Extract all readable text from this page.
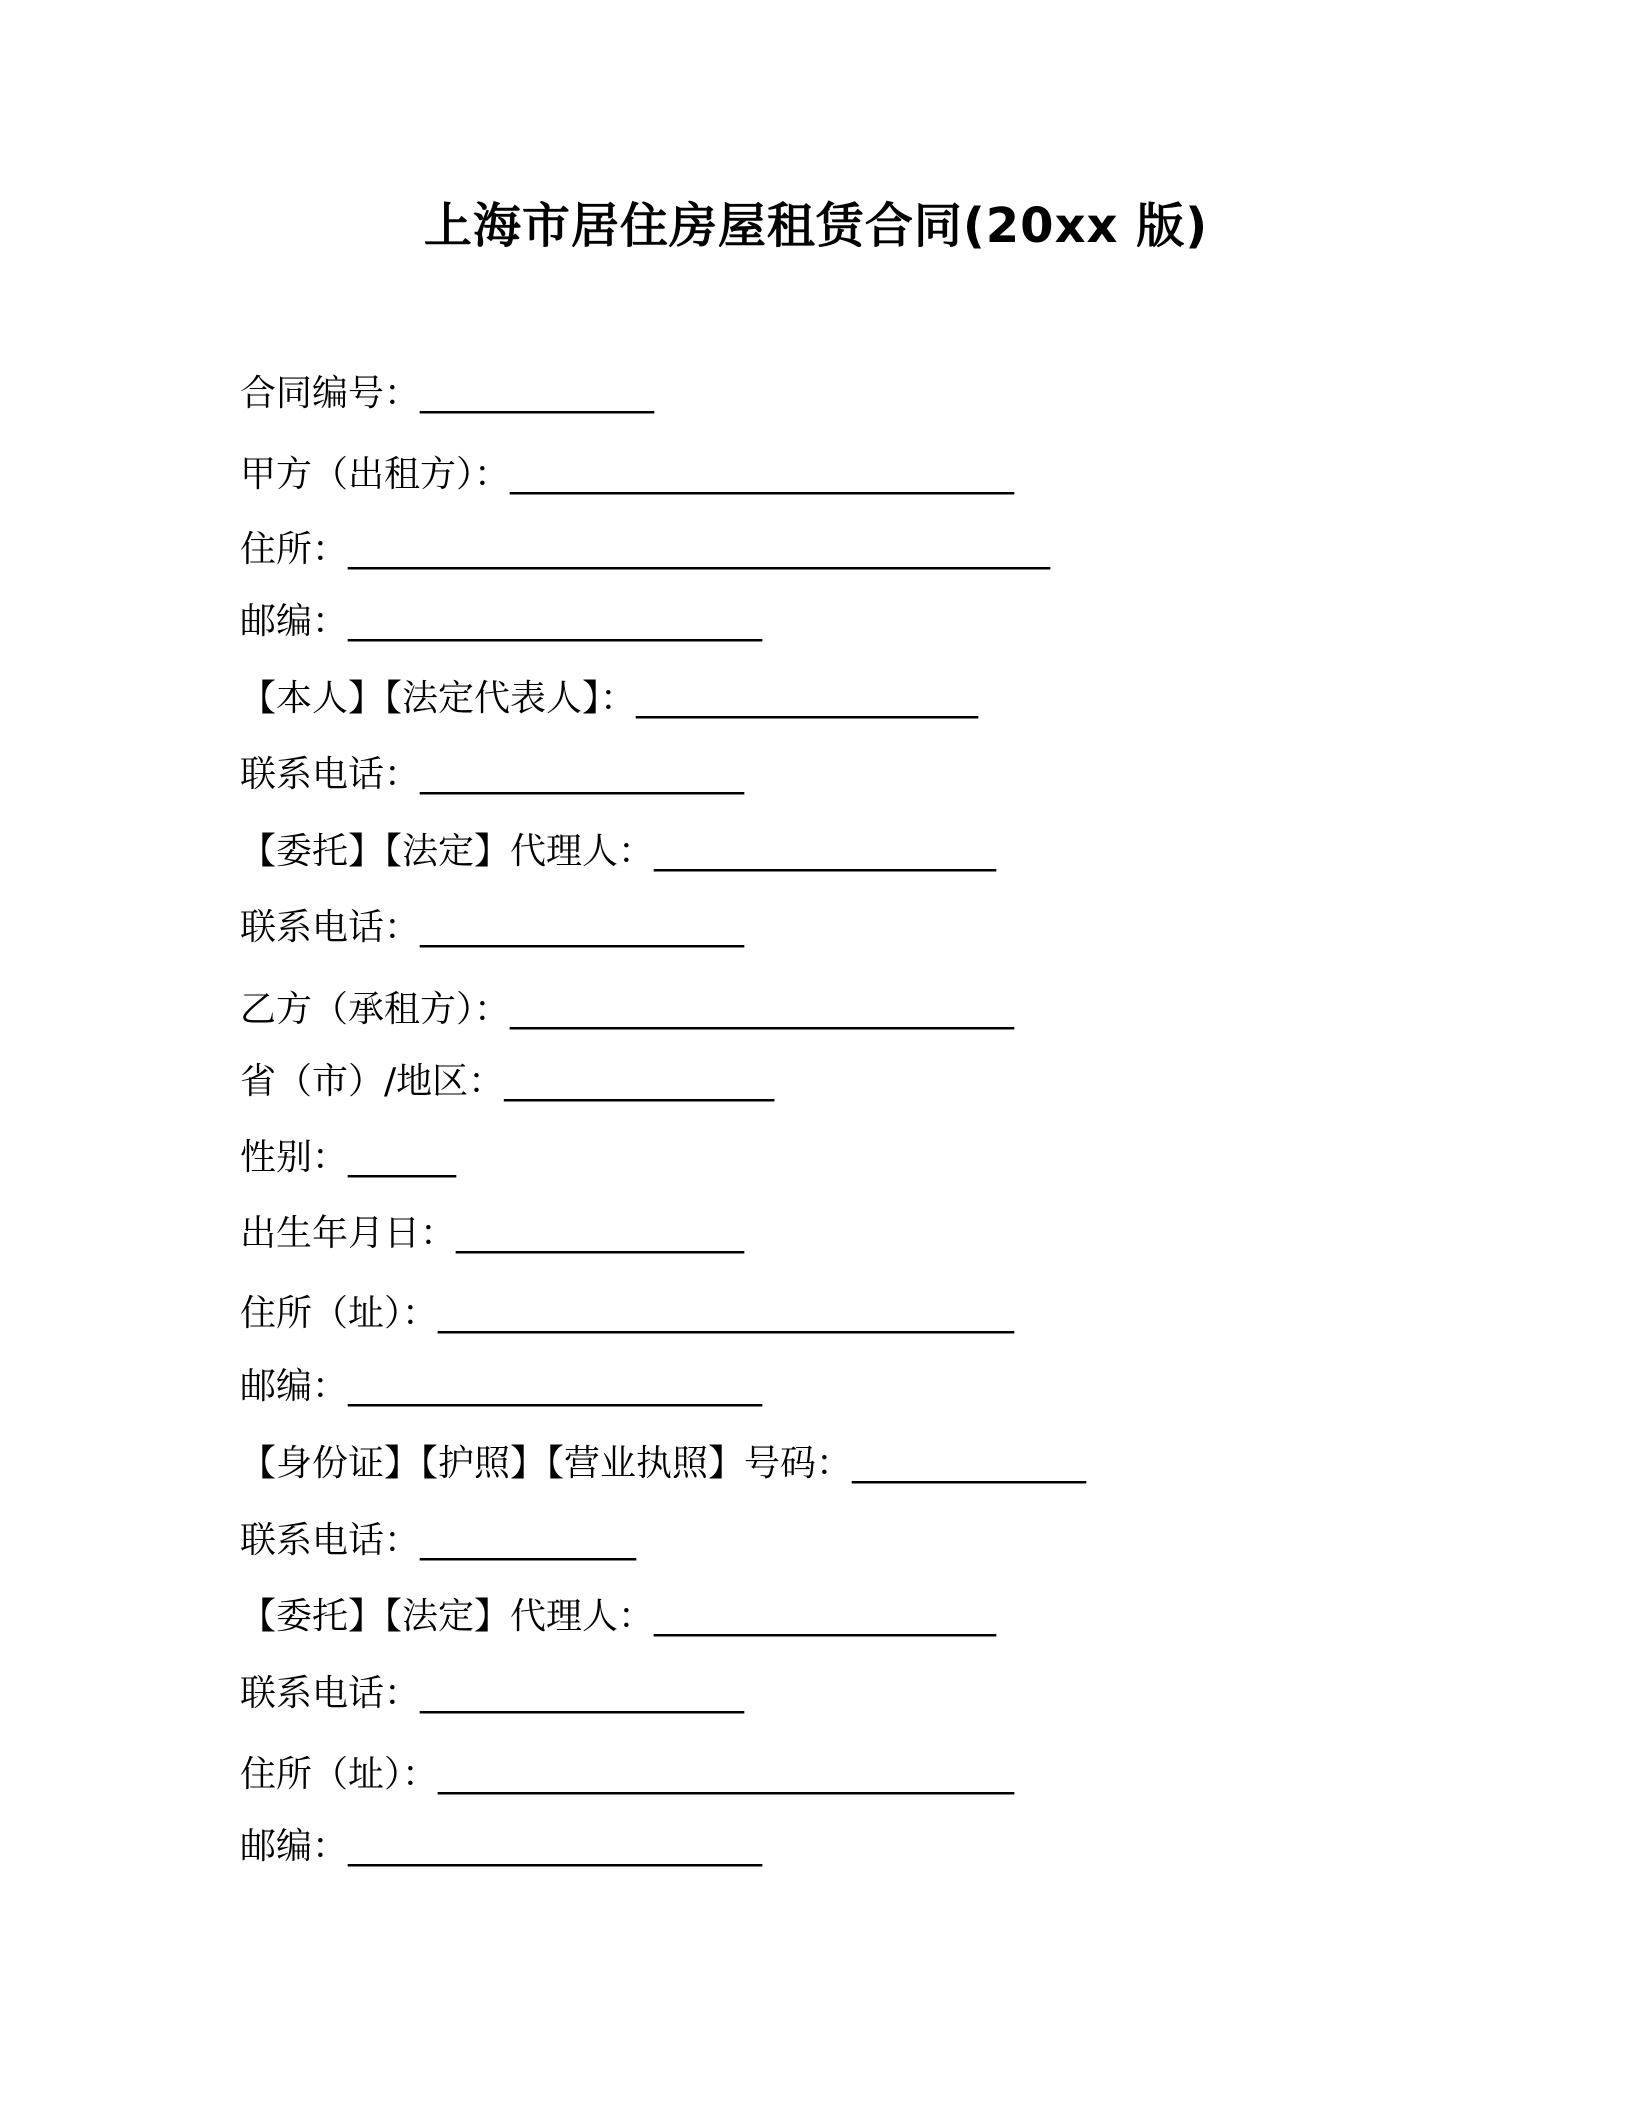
上海市居住房屋租赁合同(20xx 版)

合同编号：_____________

甲方（出租方）：____________________________

住所：_______________________________________

邮编：_______________________

【本人】【法定代表人】：___________________

联系电话：__________________

【委托】【法定】代理人：___________________

联系电话：__________________

乙方（承租方）：____________________________

省（市）/地区：_______________

性别：______

出生年月日：________________

住所（址）：________________________________

邮编：_______________________

【身份证】【护照】【营业执照】号码：_____________

联系电话：____________

【委托】【法定】代理人：___________________

联系电话：__________________

住所（址）：________________________________

邮编：_______________________
